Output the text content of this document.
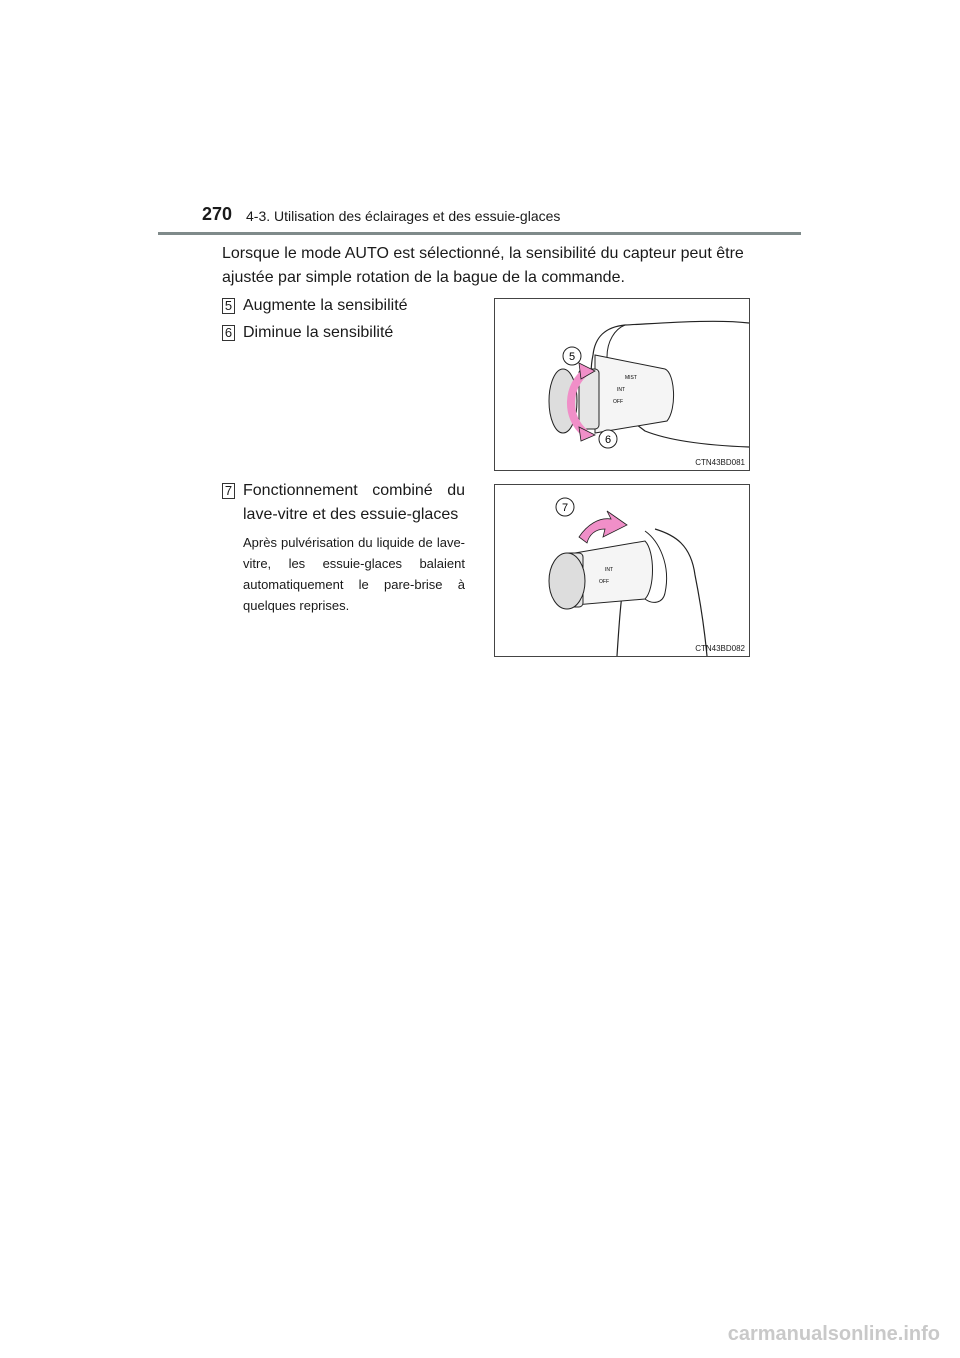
270 4-3. Utilisation des éclairages et des essuie-glaces
Lorsque le mode AUTO est sélectionné, la sensibilité du capteur peut être ajustée par simple rotation de la bague de la commande.
5 Augmente la sensibilité
6 Diminue la sensibilité
7 Fonctionnement combiné du
lave-vitre et des essuie-glaces
Après pulvérisation du liquide de lave-vitre, les essuie-glaces balaient automatiquement le pare-brise à quelques reprises.
INT
OFF
MIST
5
6
CTN43BD081
INT
OFF
7
CTN43BD082
carmanualsonline.info
